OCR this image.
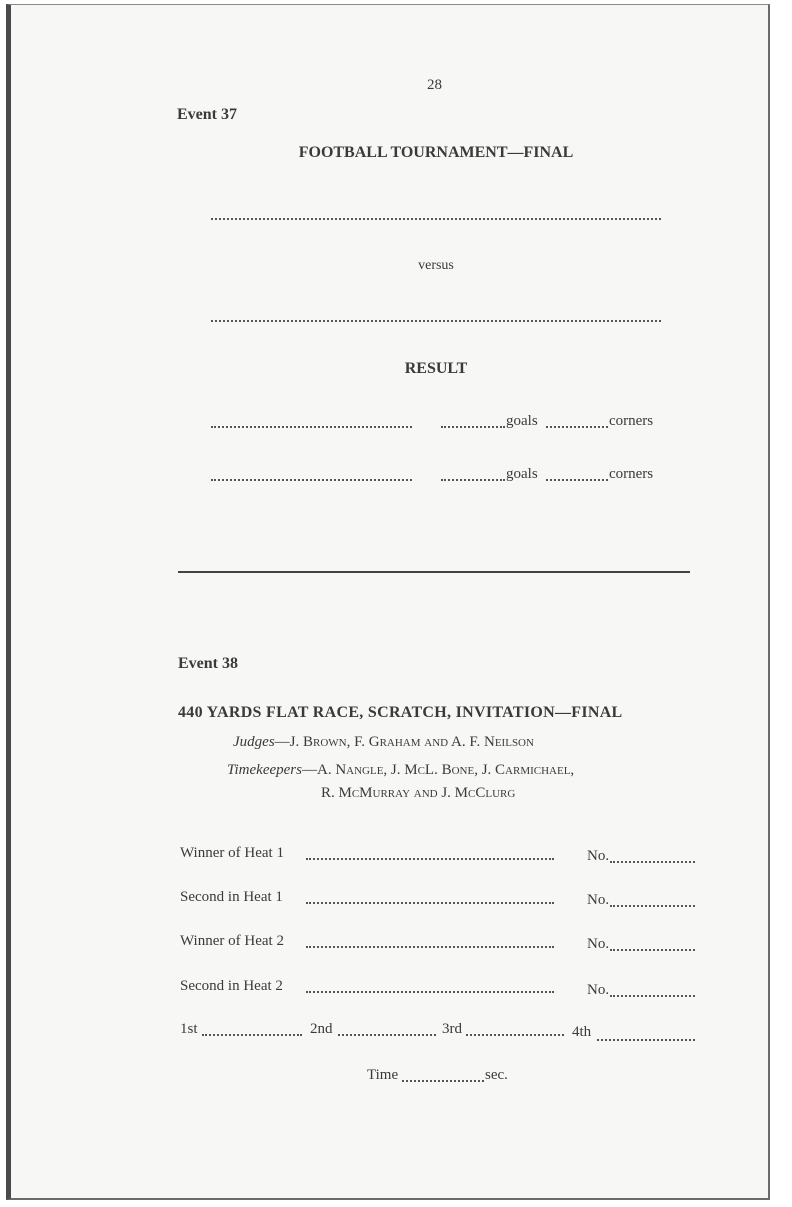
28
Event 37
FOOTBALL TOURNAMENT—FINAL
versus
RESULT
goals	corners
goals	corners
Event 38
440 YARDS FLAT RACE, SCRATCH, INVITATION—FINAL
Judges—J. Brown, F. Graham and A. F. Neilson
Timekeepers—A. Nangle, J. McL. Bone, J. Carmichael,
R. McMurray and J. McClurg
Winner of Heat 1	No.
Second in Heat 1	No.
Winner of Heat 2	No.
Second in Heat 2	No.
1st	2nd	3rd	4th
Time	sec.
